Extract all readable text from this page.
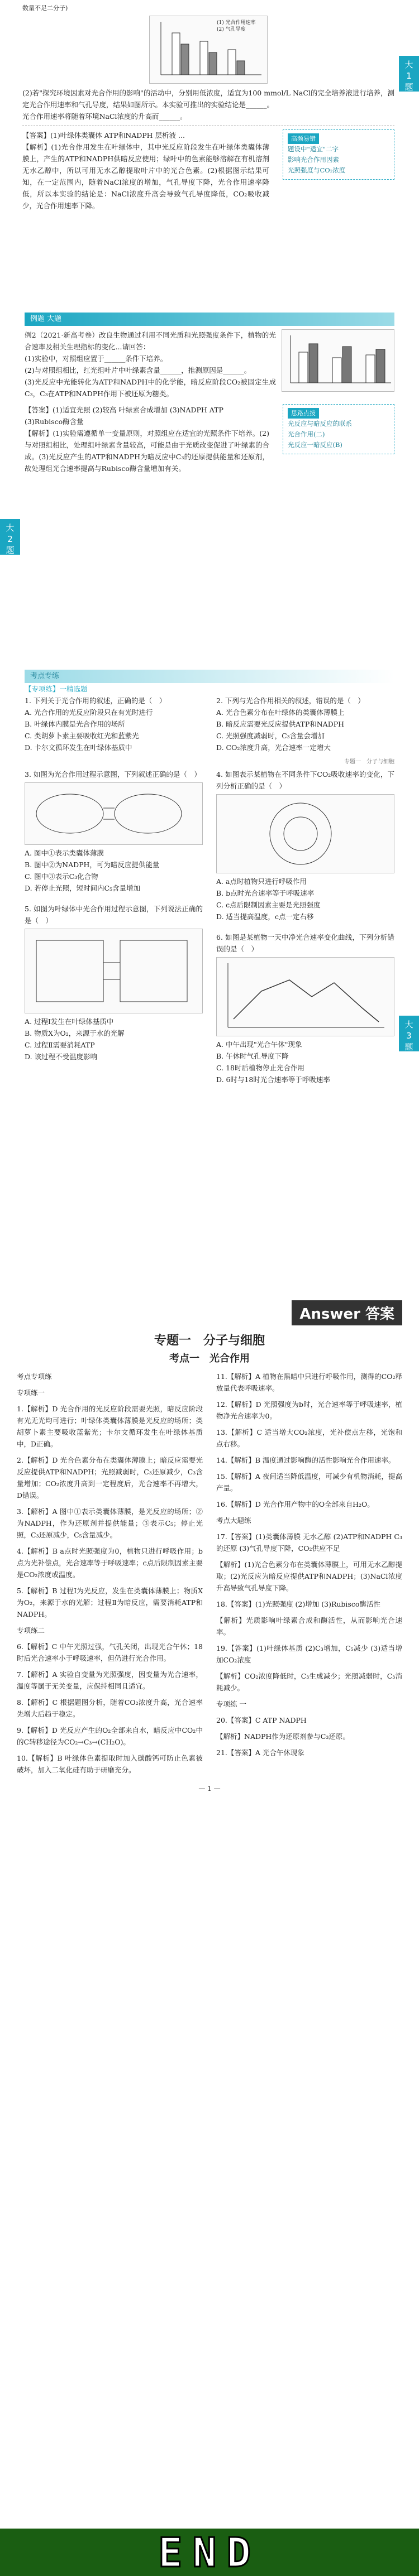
数量不足二分子)
(1) 光合作用速率
(2) 气孔导度
(2)若"探究环境因素对光合作用的影响"的活动中，分别用低浓度，适宜为100 mmol/L NaCl的完全培养液进行培养，测定光合作用速率和气孔导度，结果如图所示。本实验可推出的实验结论是______。
光合作用速率将随着环境NaCl浓度的升高而______。
【答案】(1)叶绿体类囊体 ATP和NADPH 层析液 ...
【解析】(1)光合作用发生在叶绿体中，其中光反应阶段发生在叶绿体类囊体薄膜上，产生的ATP和NADPH供暗反应使用；绿叶中的色素能够溶解在有机溶剂无水乙醇中，所以可用无水乙醇提取叶片中的光合色素。(2)根据图示结果可知，在一定范围内，随着NaCl浓度的增加，气孔导度下降，光合作用速率降低，所以本实验的结论是：NaCl浓度升高会导致气孔导度降低，CO₂吸收减少，光合作用速率下降。
高频易错
题设中"适宜"二字
影响光合作用因素
光照强度与CO₂浓度
大
1
题
例题 大题
例2（2021·新高考卷）改良生物通过利用不同光质和光照强度条件下，植物的光合速率及相关生理指标的变化...请回答：
(1)实验中，对照组应置于______条件下培养。
(2)与对照组相比，红光组叶片中叶绿素含量______，推测原因是______。
(3)光反应中光能转化为ATP和NADPH中的化学能，暗反应阶段CO₂被固定生成C₃，C₃在ATP和NADPH作用下被还原为糖类。
【答案】(1)适宜光照 (2)较高 叶绿素合成增加 (3)NADPH ATP
(3)Rubisco酶含量
【解析】(1)实验需遵循单一变量原则，对照组应在适宜的光照条件下培养。(2)与对照组相比，处理组叶绿素含量较高，可能是由于光质改变促进了叶绿素的合成。(3)光反应产生的ATP和NADPH为暗反应中C₃的还原提供能量和还原剂，故处理组光合速率提高与Rubisco酶含量增加有关。
思路点拨
光反应与暗反应的联系
光合作用(二)
光反应一暗反应(B)
大
2
题
考点专练
【专项练】一精选题
1. 下列关于光合作用的叙述，正确的是（　）
A. 光合作用的光反应阶段只在有光时进行
B. 叶绿体内膜是光合作用的场所
C. 类胡萝卜素主要吸收红光和蓝紫光
D. 卡尔文循环发生在叶绿体基质中
2. 下列与光合作用相关的叙述，错误的是（　）
A. 光合色素分布在叶绿体的类囊体薄膜上
B. 暗反应需要光反应提供ATP和NADPH
C. 光照强度减弱时，C₃含量会增加
D. CO₂浓度升高，光合速率一定增大
专题一　分子与细胞
3. 如图为光合作用过程示意图，下列叙述正确的是（　）
A. 图中①表示类囊体薄膜
B. 图中②为NADPH，可为暗反应提供能量
C. 图中③表示C₃化合物
D. 若停止光照，短时间内C₅含量增加
5. 如图为叶绿体中光合作用过程示意图，下列说法正确的是（　）
A. 过程Ⅰ发生在叶绿体基质中
B. 物质X为O₂，来源于水的光解
C. 过程Ⅱ需要消耗ATP
D. 该过程不受温度影响
4. 如图表示某植物在不同条件下CO₂吸收速率的变化，下列分析正确的是（　）
A. a点时植物只进行呼吸作用
B. b点时光合速率等于呼吸速率
C. c点后限制因素主要是光照强度
D. 适当提高温度，c点一定右移
6. 如图是某植物一天中净光合速率变化曲线，下列分析错误的是（　）
A. 中午出现"光合午休"现象
B. 午休时气孔导度下降
C. 18时后植物停止光合作用
D. 6时与18时光合速率等于呼吸速率
大
3
题
Answer 答案
专题一　分子与细胞
考点一　光合作用
考点专项练
专项练一
1.【解析】D 光合作用的光反应阶段需要光照，暗反应阶段有光无光均可进行；叶绿体类囊体薄膜是光反应的场所；类胡萝卜素主要吸收蓝紫光；卡尔文循环发生在叶绿体基质中，D正确。
2.【解析】D 光合色素分布在类囊体薄膜上；暗反应需要光反应提供ATP和NADPH；光照减弱时，C₃还原减少，C₃含量增加；CO₂浓度升高到一定程度后，光合速率不再增大，D错误。
3.【解析】A 图中①表示类囊体薄膜，是光反应的场所；②为NADPH，作为还原剂并提供能量；③表示C₅；停止光照，C₃还原减少，C₅含量减少。
4.【解析】B a点时光照强度为0，植物只进行呼吸作用；b点为光补偿点，光合速率等于呼吸速率；c点后限制因素主要是CO₂浓度或温度。
5.【解析】B 过程Ⅰ为光反应，发生在类囊体薄膜上；物质X为O₂，来源于水的光解；过程Ⅱ为暗反应，需要消耗ATP和NADPH。
专项练二
6.【解析】C 中午光照过强，气孔关闭，出现光合午休；18时后光合速率小于呼吸速率，但仍进行光合作用。
7.【解析】A 实验自变量为光照强度，因变量为光合速率，温度等属于无关变量，应保持相同且适宜。
8.【解析】C 根据题图分析，随着CO₂浓度升高，光合速率先增大后趋于稳定。
9.【解析】D 光反应产生的O₂全部来自水，暗反应中CO₂中的C转移途径为CO₂→C₃→(CH₂O)。
10.【解析】B 叶绿体色素提取时加入碳酸钙可防止色素被破坏，加入二氧化硅有助于研磨充分。
11.【解析】A 植物在黑暗中只进行呼吸作用，测得的CO₂释放量代表呼吸速率。
12.【解析】D 光照强度为b时，光合速率等于呼吸速率，植物净光合速率为0。
13.【解析】C 适当增大CO₂浓度，光补偿点左移，光饱和点右移。
14.【解析】B 温度通过影响酶的活性影响光合作用速率。
15.【解析】A 夜间适当降低温度，可减少有机物消耗，提高产量。
16.【解析】D 光合作用产物中的O全部来自H₂O。
考点大题练
17.【答案】(1)类囊体薄膜 无水乙醇 (2)ATP和NADPH C₃的还原 (3)气孔导度下降，CO₂供应不足
【解析】(1)光合色素分布在类囊体薄膜上，可用无水乙醇提取；(2)光反应为暗反应提供ATP和NADPH；(3)NaCl浓度升高导致气孔导度下降。
18.【答案】(1)光照强度 (2)增加 (3)Rubisco酶活性
【解析】光质影响叶绿素合成和酶活性，从而影响光合速率。
19.【答案】(1)叶绿体基质 (2)C₃增加，C₅减少 (3)适当增加CO₂浓度
【解析】CO₂浓度降低时，C₃生成减少；光照减弱时，C₃消耗减少。
专项练 一
20.【答案】C ATP NADPH
【解析】NADPH作为还原剂参与C₃还原。
21.【答案】A 光合午休现象
— 1 —
END
